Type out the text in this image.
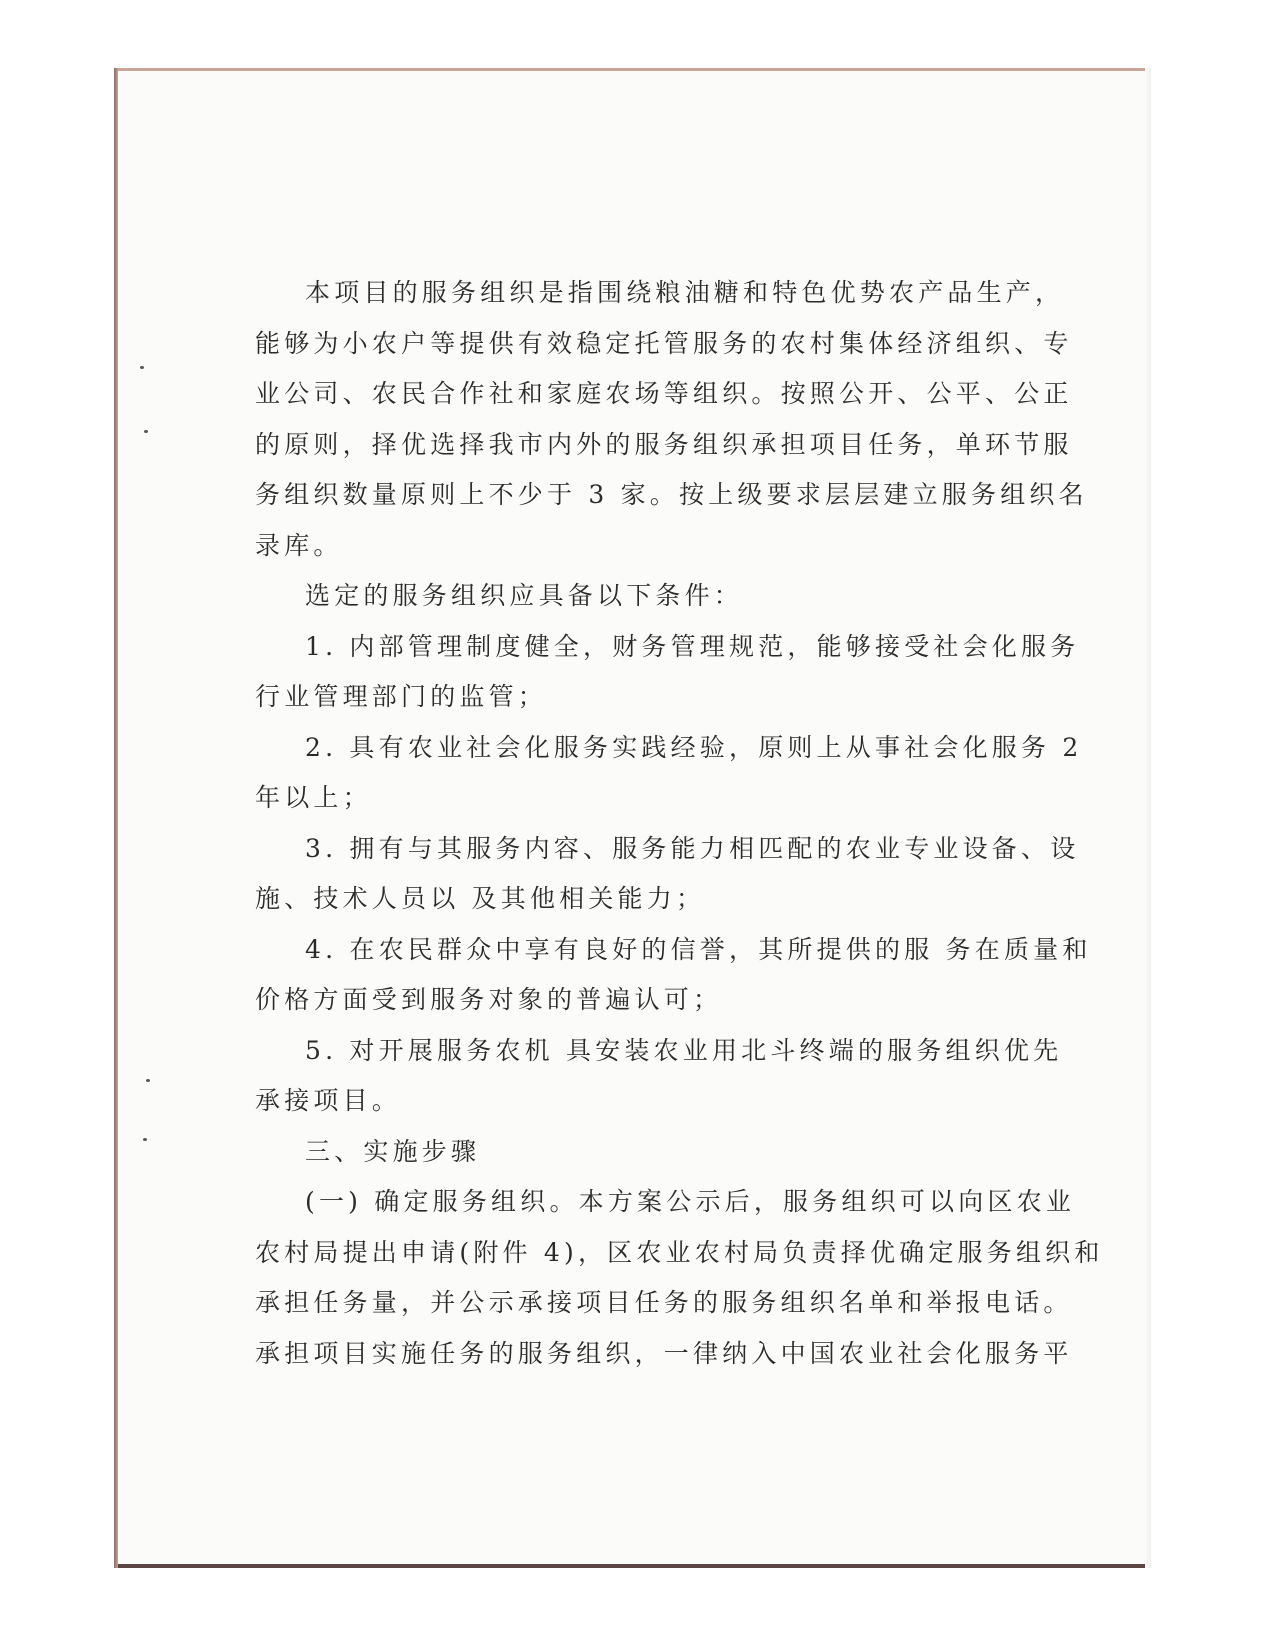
本项目的服务组织是指围绕粮油糖和特色优势农产品生产，

能够为小农户等提供有效稳定托管服务的农村集体经济组织、专

业公司、农民合作社和家庭农场等组织。按照公开、公平、公正

的原则，择优选择我市内外的服务组织承担项目任务，单环节服

务组织数量原则上不少于 3 家。按上级要求层层建立服务组织名

录库。

选定的服务组织应具备以下条件：

1. 内部管理制度健全，财务管理规范，能够接受社会化服务

行业管理部门的监管；

2. 具有农业社会化服务实践经验，原则上从事社会化服务 2

年以上；

3. 拥有与其服务内容、服务能力相匹配的农业专业设备、设

施、技术人员以 及其他相关能力；

4. 在农民群众中享有良好的信誉，其所提供的服 务在质量和

价格方面受到服务对象的普遍认可；

5. 对开展服务农机 具安装农业用北斗终端的服务组织优先

承接项目。

三、实施步骤

(一) 确定服务组织。本方案公示后，服务组织可以向区农业

农村局提出申请(附件 4)，区农业农村局负责择优确定服务组织和

承担任务量，并公示承接项目任务的服务组织名单和举报电话。

承担项目实施任务的服务组织，一律纳入中国农业社会化服务平
